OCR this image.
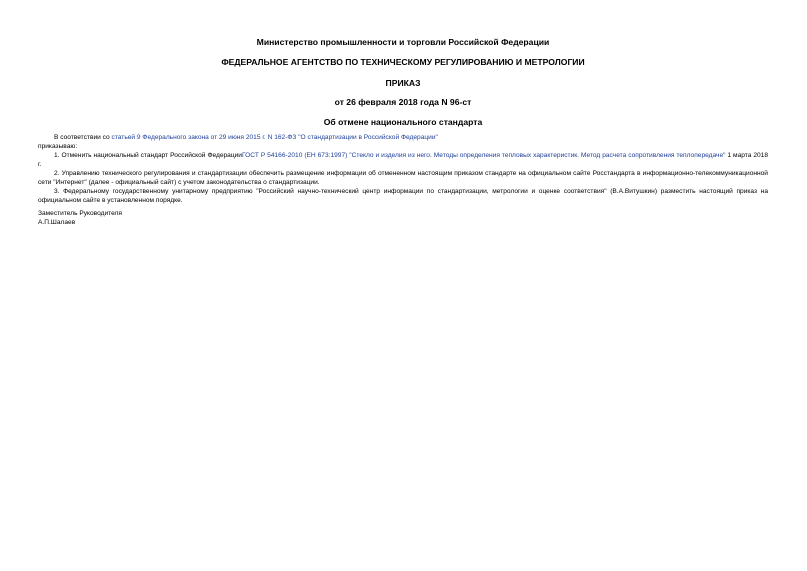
Министерство промышленности и торговли Российской Федерации
ФЕДЕРАЛЬНОЕ АГЕНТСТВО ПО ТЕХНИЧЕСКОМУ РЕГУЛИРОВАНИЮ И МЕТРОЛОГИИ
ПРИКАЗ
от 26 февраля 2018 года N 96-ст
Об отмене национального стандарта

В соответствии со статьей 9 Федерального закона от 29 июня 2015 г. N 162-ФЗ "О стандартизации в Российской Федерации"

приказываю:

1. Отменить национальный стандарт Российской ФедерацииГОСТ Р 54166-2010 (ЕН 673:1997) "Стекло и изделия из него. Методы определения тепловых характеристик. Метод расчета сопротивления теплопередаче" 1 марта 2018 г.

2. Управлению технического регулирования и стандартизации обеспечить размещение информации об отмененном настоящим приказом стандарте на официальном сайте Росстандарта в информационно-телекоммуникационной сети "Интернет" (далее - официальный сайт) с учетом законодательства о стандартизации.

3. Федеральному государственному унитарному предприятию "Российский научно-технический центр информации по стандартизации, метрологии и оценке соответствия" (В.А.Витушкин) разместить настоящий приказ на официальном сайте в установленном порядке.

Заместитель Руководителя

А.П.Шалаев
